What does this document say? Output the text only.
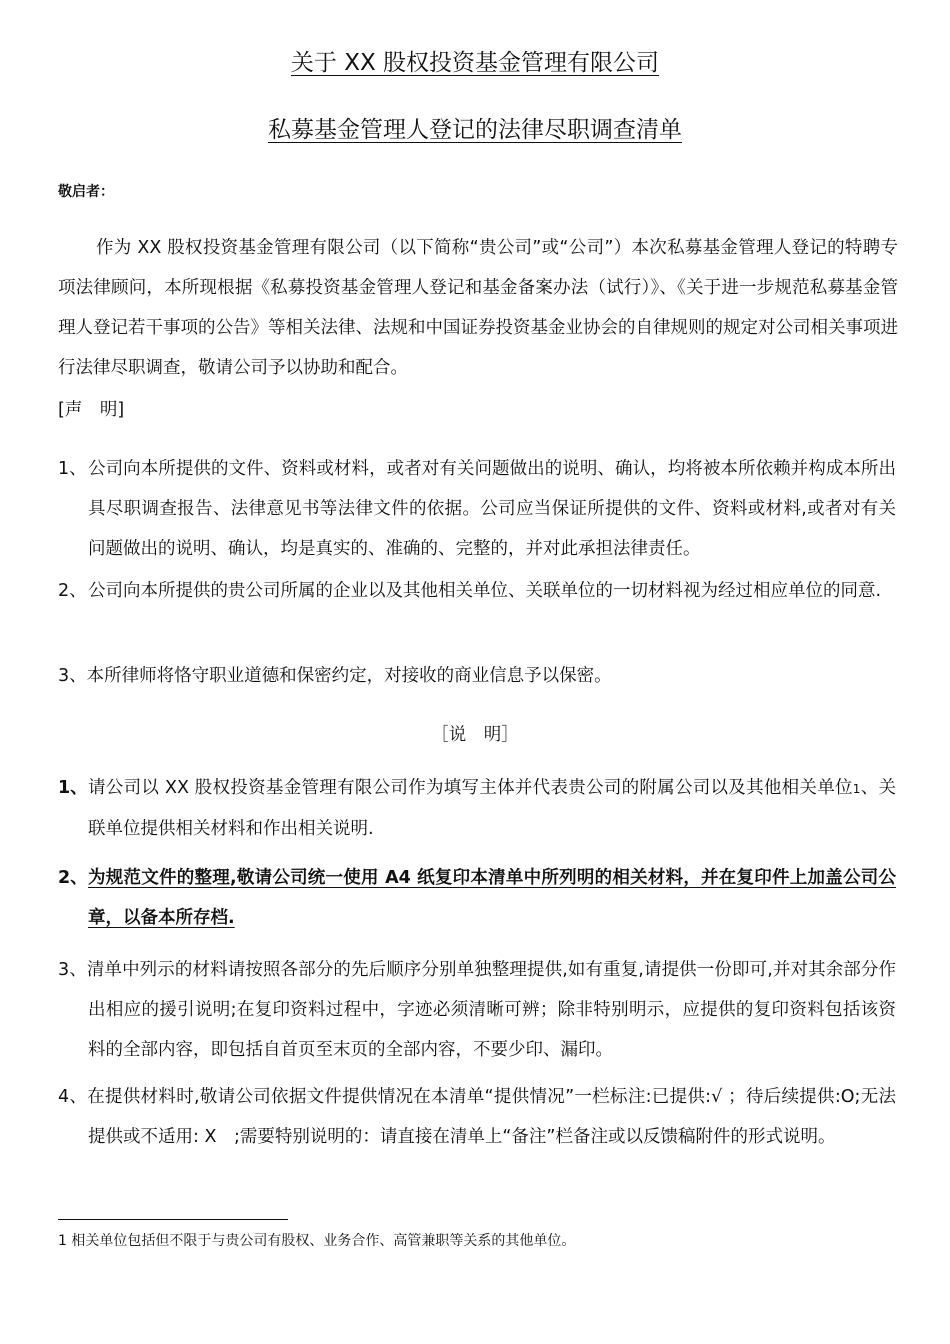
关于 XX 股权投资基金管理有限公司
私募基金管理人登记的法律尽职调查清单
敬启者：
作为 XX 股权投资基金管理有限公司（以下简称“贵公司”或“公司”）本次私募基金管理人登记的特聘专项法律顾问，本所现根据《私募投资基金管理人登记和基金备案办法（试行）》、《关于进一步规范私募基金管理人登记若干事项的公告》等相关法律、法规和中国证券投资基金业协会的自律规则的规定对公司相关事项进行法律尽职调查，敬请公司予以协助和配合。
[声　明]
1、 公司向本所提供的文件、资料或材料，或者对有关问题做出的说明、确认，均将被本所依赖并构成本所出具尽职调查报告、法律意见书等法律文件的依据。公司应当保证所提供的文件、资料或材料,或者对有关问题做出的说明、确认，均是真实的、准确的、完整的，并对此承担法律责任。
2、 公司向本所提供的贵公司所属的企业以及其他相关单位、关联单位的一切材料视为经过相应单位的同意.
3、本所律师将恪守职业道德和保密约定，对接收的商业信息予以保密。
［说　明］
1、 请公司以 XX 股权投资基金管理有限公司作为填写主体并代表贵公司的附属公司以及其他相关单位1、关联单位提供相关材料和作出相关说明.
2、 为规范文件的整理,敬请公司统一使用 A4 纸复印本清单中所列明的相关材料，并在复印件上加盖公司公章，以备本所存档.
3、清单中列示的材料请按照各部分的先后顺序分别单独整理提供,如有重复,请提供一份即可,并对其余部分作出相应的援引说明;在复印资料过程中，字迹必须清晰可辨；除非特别明示，应提供的复印资料包括该资料的全部内容，即包括自首页至末页的全部内容，不要少印、漏印。
4、在提供材料时,敬请公司依据文件提供情况在本清单“提供情况”一栏标注:已提供:√ ；待后续提供:O;无法提供或不适用: X　;需要特别说明的：请直接在清单上“备注”栏备注或以反馈稿附件的形式说明。
1 相关单位包括但不限于与贵公司有股权、业务合作、高管兼职等关系的其他单位。
